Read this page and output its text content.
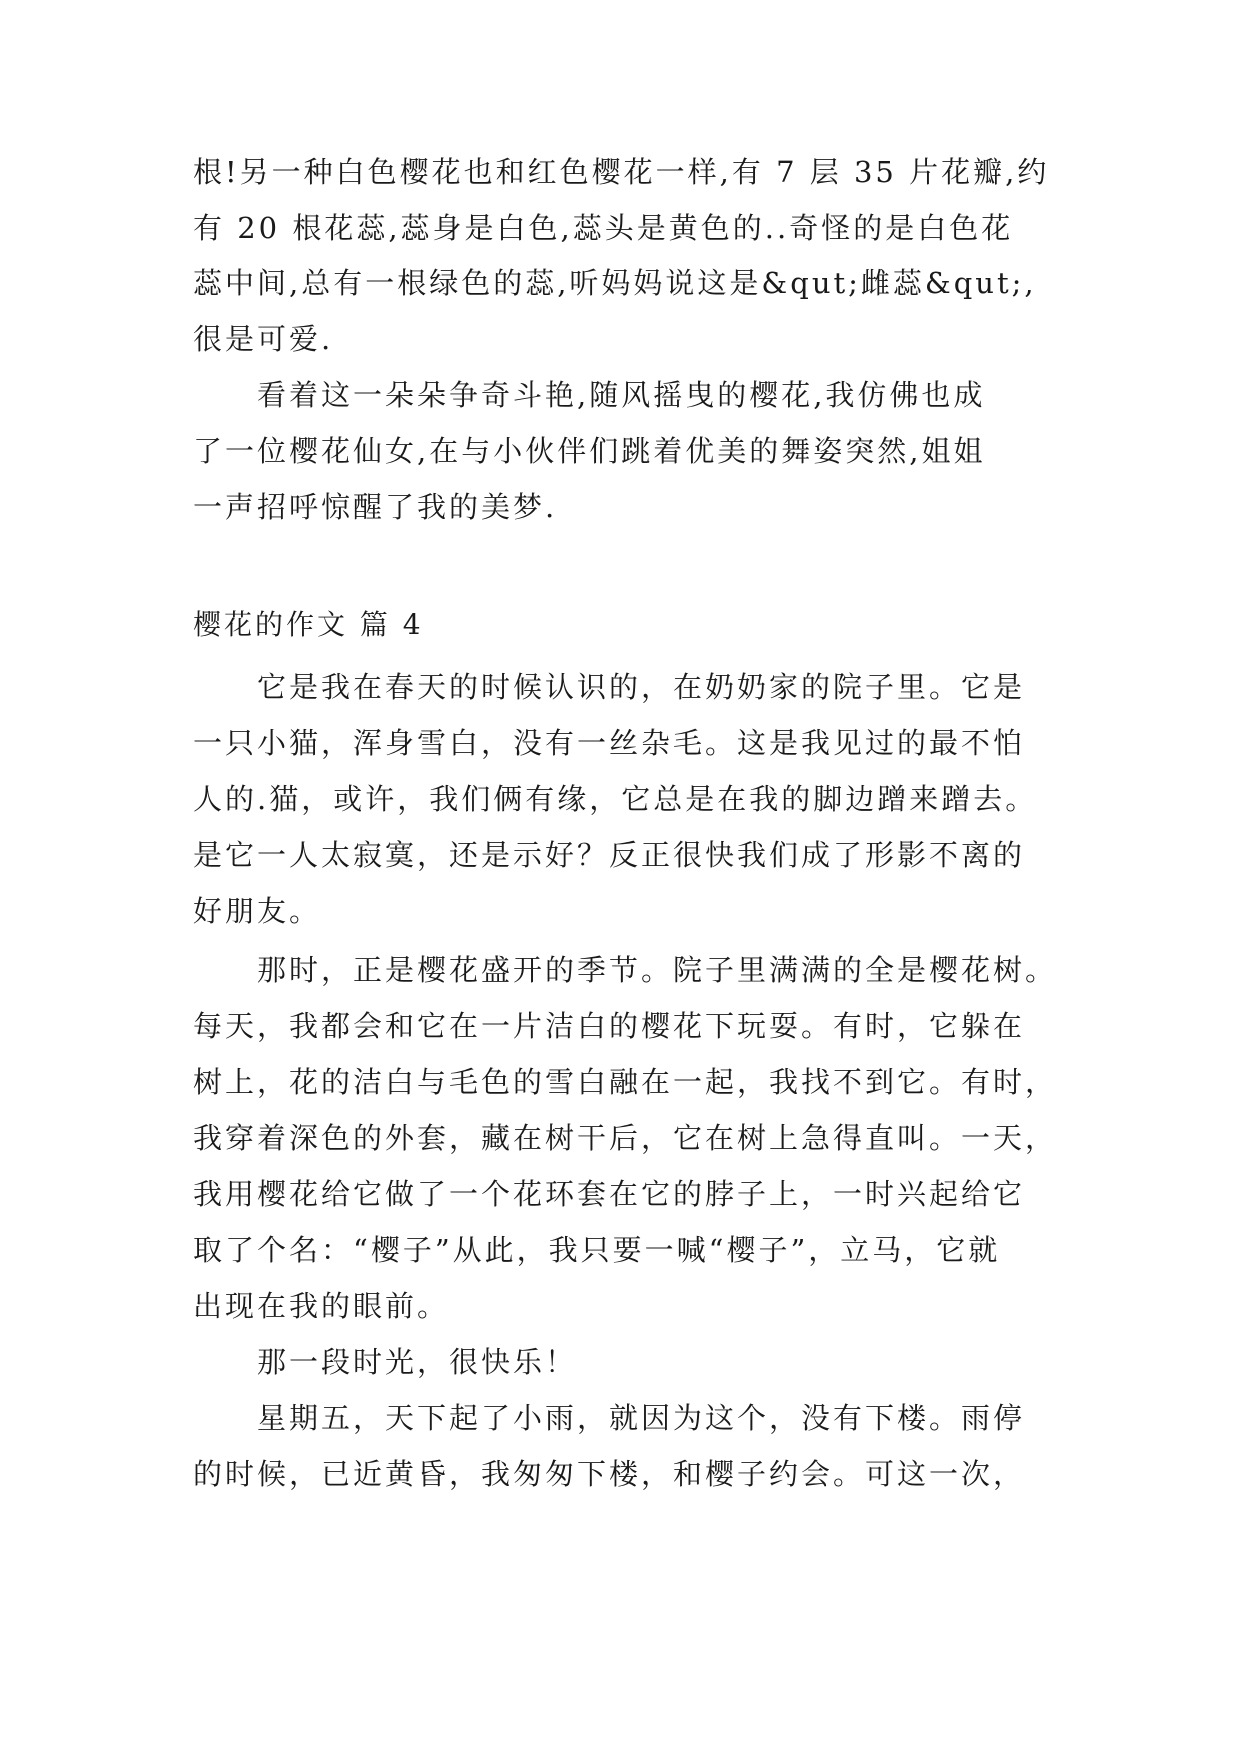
根!另一种白色樱花也和红色樱花一样,有 7 层 35 片花瓣,约
有 20 根花蕊,蕊身是白色,蕊头是黄色的..奇怪的是白色花
蕊中间,总有一根绿色的蕊,听妈妈说这是&qut;雌蕊&qut;,
很是可爱.
看着这一朵朵争奇斗艳,随风摇曳的樱花,我仿佛也成
了一位樱花仙女,在与小伙伴们跳着优美的舞姿突然,姐姐
一声招呼惊醒了我的美梦.
樱花的作文 篇 4
它是我在春天的时候认识的，在奶奶家的院子里。它是
一只小猫，浑身雪白，没有一丝杂毛。这是我见过的最不怕
人的.猫，或许，我们俩有缘，它总是在我的脚边蹭来蹭去。
是它一人太寂寞，还是示好？反正很快我们成了形影不离的
好朋友。
那时，正是樱花盛开的季节。院子里满满的全是樱花树。
每天，我都会和它在一片洁白的樱花下玩耍。有时，它躲在
树上，花的洁白与毛色的雪白融在一起，我找不到它。有时，
我穿着深色的外套，藏在树干后，它在树上急得直叫。一天，
我用樱花给它做了一个花环套在它的脖子上，一时兴起给它
取了个名：“樱子”从此，我只要一喊“樱子”，立马，它就
出现在我的眼前。
那一段时光，很快乐！
星期五，天下起了小雨，就因为这个，没有下楼。雨停
的时候，已近黄昏，我匆匆下楼，和樱子约会。可这一次，
